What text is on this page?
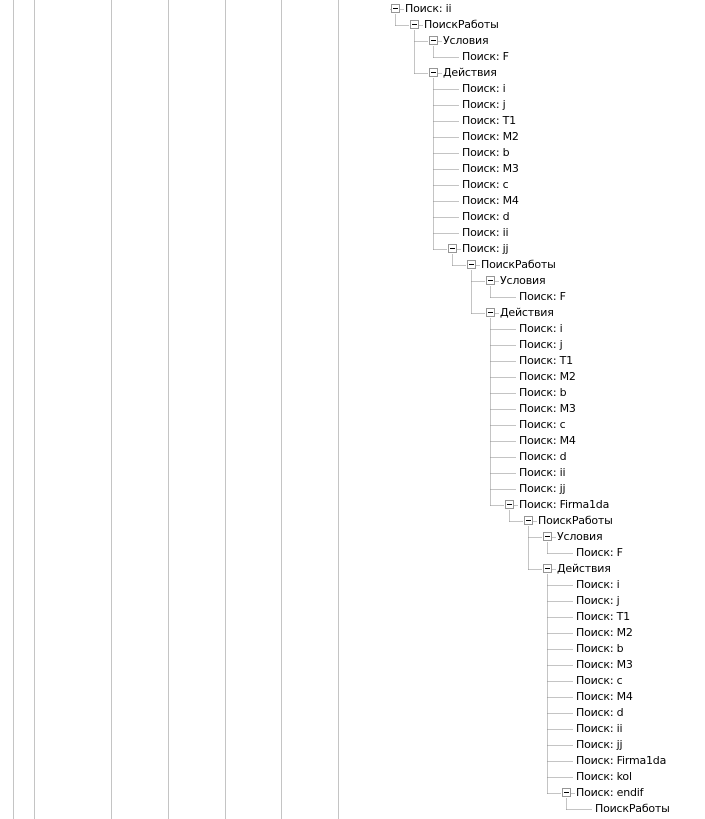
Поиск: ii
ПоискРаботы
Условия
Поиск: F
Действия
Поиск: i
Поиск: j
Поиск: T1
Поиск: M2
Поиск: b
Поиск: M3
Поиск: c
Поиск: M4
Поиск: d
Поиск: ii
Поиск: jj
ПоискРаботы
Условия
Поиск: F
Действия
Поиск: i
Поиск: j
Поиск: T1
Поиск: M2
Поиск: b
Поиск: M3
Поиск: c
Поиск: M4
Поиск: d
Поиск: ii
Поиск: jj
Поиск: Firma1da
ПоискРаботы
Условия
Поиск: F
Действия
Поиск: i
Поиск: j
Поиск: T1
Поиск: M2
Поиск: b
Поиск: M3
Поиск: c
Поиск: M4
Поиск: d
Поиск: ii
Поиск: jj
Поиск: Firma1da
Поиск: kol
Поиск: endif
ПоискРаботы
